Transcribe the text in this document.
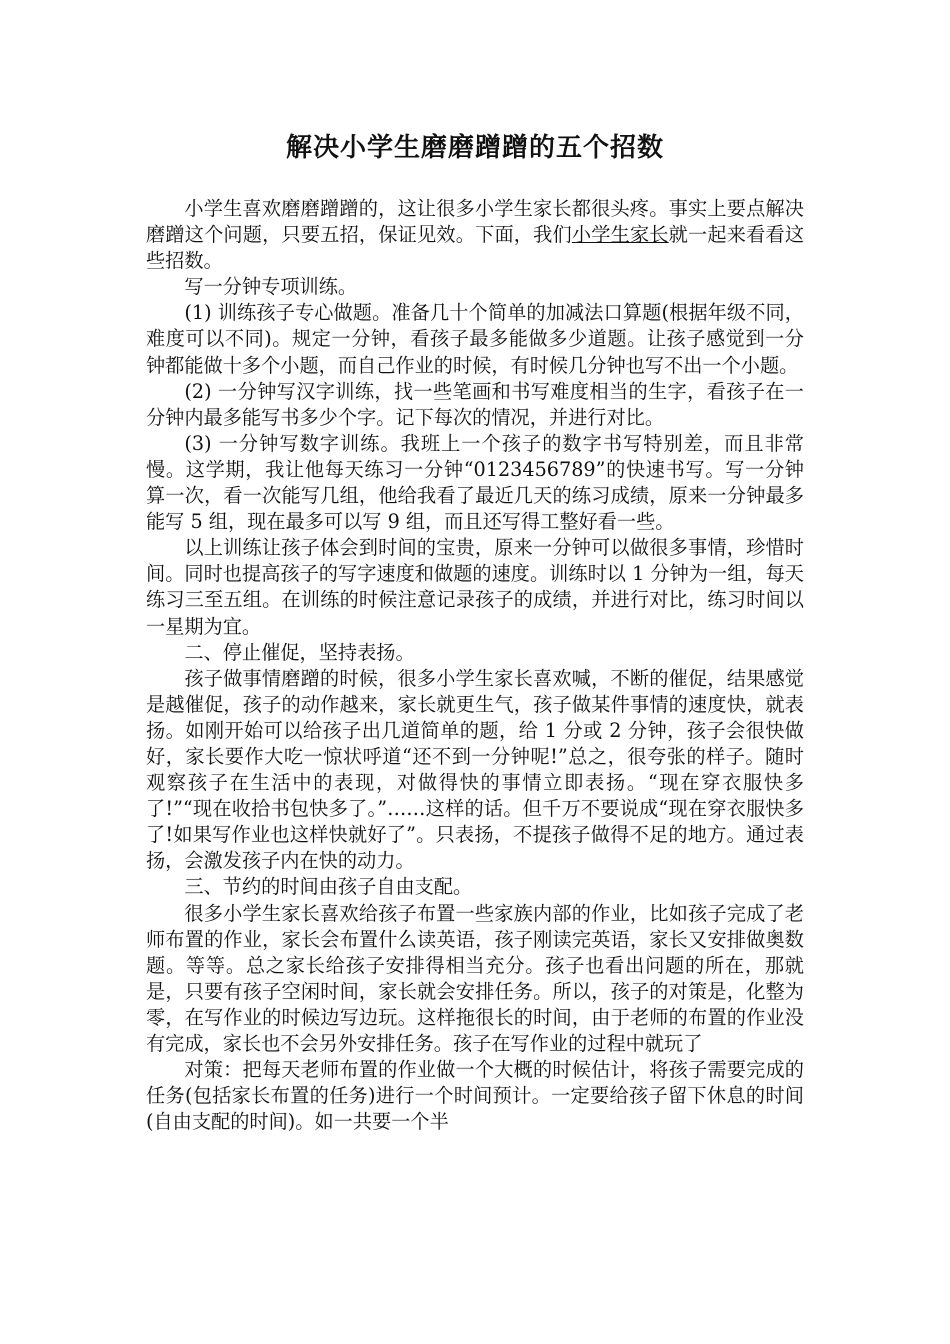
解决小学生磨磨蹭蹭的五个招数

小学生喜欢磨磨蹭蹭的，这让很多小学生家长都很头疼。事实上要点解决磨蹭这个问题，只要五招，保证见效。下面，我们小学生家长就一起来看看这些招数。

写一分钟专项训练。

(1) 训练孩子专心做题。准备几十个简单的加减法口算题(根据年级不同，难度可以不同)。规定一分钟，看孩子最多能做多少道题。让孩子感觉到一分钟都能做十多个小题，而自己作业的时候，有时候几分钟也写不出一个小题。

(2) 一分钟写汉字训练，找一些笔画和书写难度相当的生字，看孩子在一分钟内最多能写书多少个字。记下每次的情况，并进行对比。

(3) 一分钟写数字训练。我班上一个孩子的数字书写特别差，而且非常慢。这学期，我让他每天练习一分钟“0123456789”的快速书写。写一分钟算一次，看一次能写几组，他给我看了最近几天的练习成绩，原来一分钟最多能写 5 组，现在最多可以写 9 组，而且还写得工整好看一些。

以上训练让孩子体会到时间的宝贵，原来一分钟可以做很多事情，珍惜时间。同时也提高孩子的写字速度和做题的速度。训练时以 1 分钟为一组，每天练习三至五组。在训练的时候注意记录孩子的成绩，并进行对比，练习时间以一星期为宜。

二、停止催促，坚持表扬。

孩子做事情磨蹭的时候，很多小学生家长喜欢喊，不断的催促，结果感觉是越催促，孩子的动作越来，家长就更生气，孩子做某件事情的速度快，就表扬。如刚开始可以给孩子出几道简单的题，给 1 分或 2 分钟，孩子会很快做好，家长要作大吃一惊状呼道“还不到一分钟呢!”总之，很夸张的样子。随时观察孩子在生活中的表现，对做得快的事情立即表扬。“现在穿衣服快多了!”“现在收拾书包快多了。”……这样的话。但千万不要说成“现在穿衣服快多了!如果写作业也这样快就好了”。只表扬，不提孩子做得不足的地方。通过表扬，会激发孩子内在快的动力。

三、节约的时间由孩子自由支配。

很多小学生家长喜欢给孩子布置一些家族内部的作业，比如孩子完成了老师布置的作业，家长会布置什么读英语，孩子刚读完英语，家长又安排做奥数题。等等。总之家长给孩子安排得相当充分。孩子也看出问题的所在，那就是，只要有孩子空闲时间，家长就会安排任务。所以，孩子的对策是，化整为零，在写作业的时候边写边玩。这样拖很长的时间，由于老师的布置的作业没有完成，家长也不会另外安排任务。孩子在写作业的过程中就玩了

对策：把每天老师布置的作业做一个大概的时候估计，将孩子需要完成的任务(包括家长布置的任务)进行一个时间预计。一定要给孩子留下休息的时间(自由支配的时间)。如一共要一个半
